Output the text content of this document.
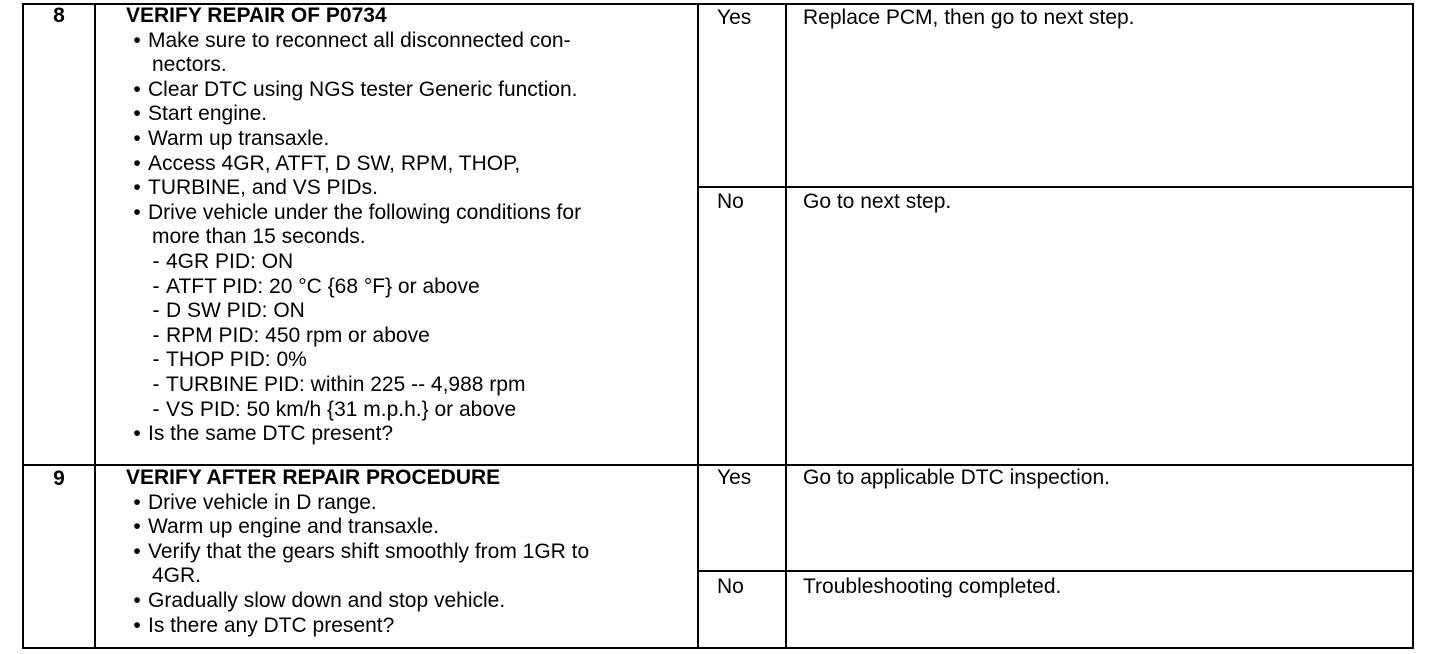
8	VERIFY REPAIR OF P0734
• Make sure to reconnect all disconnected con-
nectors.
• Clear DTC using NGS tester Generic function.
• Start engine.
• Warm up transaxle.
• Access 4GR, ATFT, D SW, RPM, THOP,
• TURBINE, and VS PIDs.
• Drive vehicle under the following conditions for
more than 15 seconds.
- 4GR PID: ON
- ATFT PID: 20 °C {68 °F} or above
- D SW PID: ON
- RPM PID: 450 rpm or above
- THOP PID: 0%
- TURBINE PID: within 225 -- 4,988 rpm
- VS PID: 50 km/h {31 m.p.h.} or above
• Is the same DTC present?
Yes Replace PCM, then go to next step.
No	Go to next step.
9	VERIFY AFTER REPAIR PROCEDURE
• Drive vehicle in D range.
• Warm up engine and transaxle.
• Verify that the gears shift smoothly from 1GR to
4GR.
• Gradually slow down and stop vehicle.
• Is there any DTC present?
Yes Go to applicable DTC inspection.
No	Troubleshooting completed.
